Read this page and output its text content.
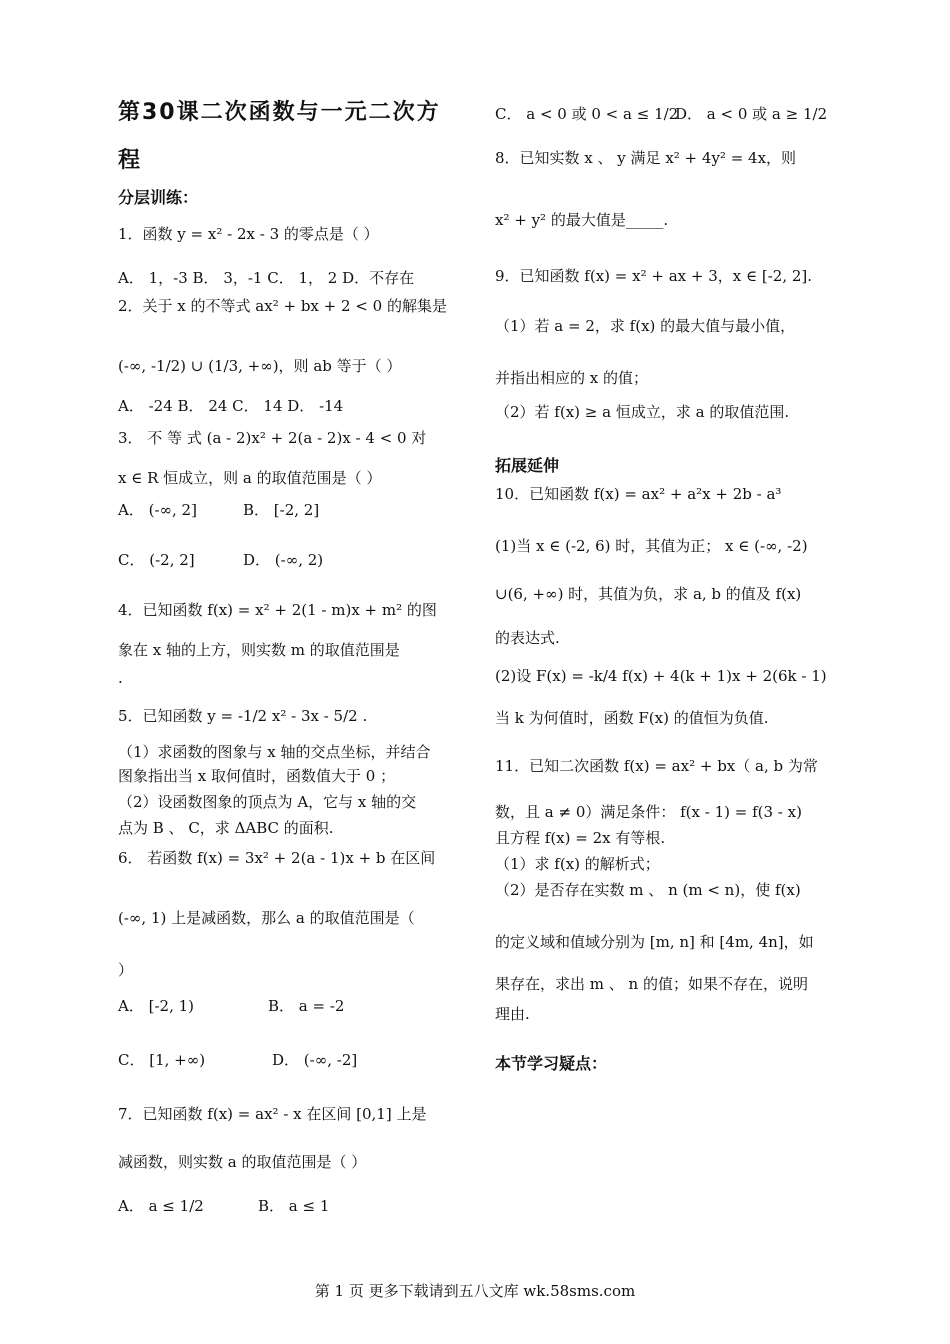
第30课二次函数与一元二次方
程
分层训练：
1．函数 y = x² - 2x - 3 的零点是（ ）
A． 1，-3 B． 3，-1 C． 1， 2 D．不存在
2．关于 x 的不等式 ax² + bx + 2 < 0 的解集是
(-∞, -1/2) ∪ (1/3, +∞)，则 ab 等于（ ）
A． -24 B． 24 C． 14 D． -14
3． 不 等 式 (a - 2)x² + 2(a - 2)x - 4 < 0 对
x ∈ R 恒成立，则 a 的取值范围是（ ）
A． (-∞, 2]	B． [-2, 2]
C． (-2, 2]	D． (-∞, 2)
4．已知函数 f(x) = x² + 2(1 - m)x + m² 的图
象在 x 轴的上方，则实数 m 的取值范围是
.
5．已知函数 y = -1/2 x² - 3x - 5/2 .
（1）求函数的图象与 x 轴的交点坐标，并结合
图象指出当 x 取何值时，函数值大于 0 ；
（2）设函数图象的顶点为 A，它与 x 轴的交
点为 B 、 C，求 ΔABC 的面积.
6． 若函数 f(x) = 3x² + 2(a - 1)x + b 在区间
(-∞, 1) 上是减函数，那么 a 的取值范围是（
）
A． [-2, 1)	B． a = -2
C． [1, +∞)	D． (-∞, -2]
7．已知函数 f(x) = ax² - x 在区间 [0,1] 上是
减函数，则实数 a 的取值范围是（ ）
A． a ≤ 1/2	B． a ≤ 1
C． a < 0 或 0 < a ≤ 1/2
D． a < 0 或 a ≥ 1/2
8．已知实数 x 、 y 满足 x² + 4y² = 4x，则
x² + y² 的最大值是_____.
9．已知函数 f(x) = x² + ax + 3，x ∈ [-2, 2].
（1）若 a = 2，求 f(x) 的最大值与最小值，
并指出相应的 x 的值；
（2）若 f(x) ≥ a 恒成立，求 a 的取值范围.
拓展延伸
10．已知函数 f(x) = ax² + a²x + 2b - a³
(1)当 x ∈ (-2, 6) 时，其值为正； x ∈ (-∞, -2)
∪(6, +∞) 时，其值为负，求 a, b 的值及 f(x)
的表达式.
(2)设 F(x) = -k/4 f(x) + 4(k + 1)x + 2(6k - 1)
当 k 为何值时，函数 F(x) 的值恒为负值.
11．已知二次函数 f(x) = ax² + bx（ a, b 为常
数，且 a ≠ 0）满足条件： f(x - 1) = f(3 - x)
且方程 f(x) = 2x 有等根.
（1）求 f(x) 的解析式；
（2）是否存在实数 m 、 n (m < n)，使 f(x)
的定义域和值域分别为 [m, n] 和 [4m, 4n]，如
果存在，求出 m 、 n 的值；如果不存在，说明
理由.
本节学习疑点：
第 1 页 更多下载请到五八文库 wk.58sms.com
